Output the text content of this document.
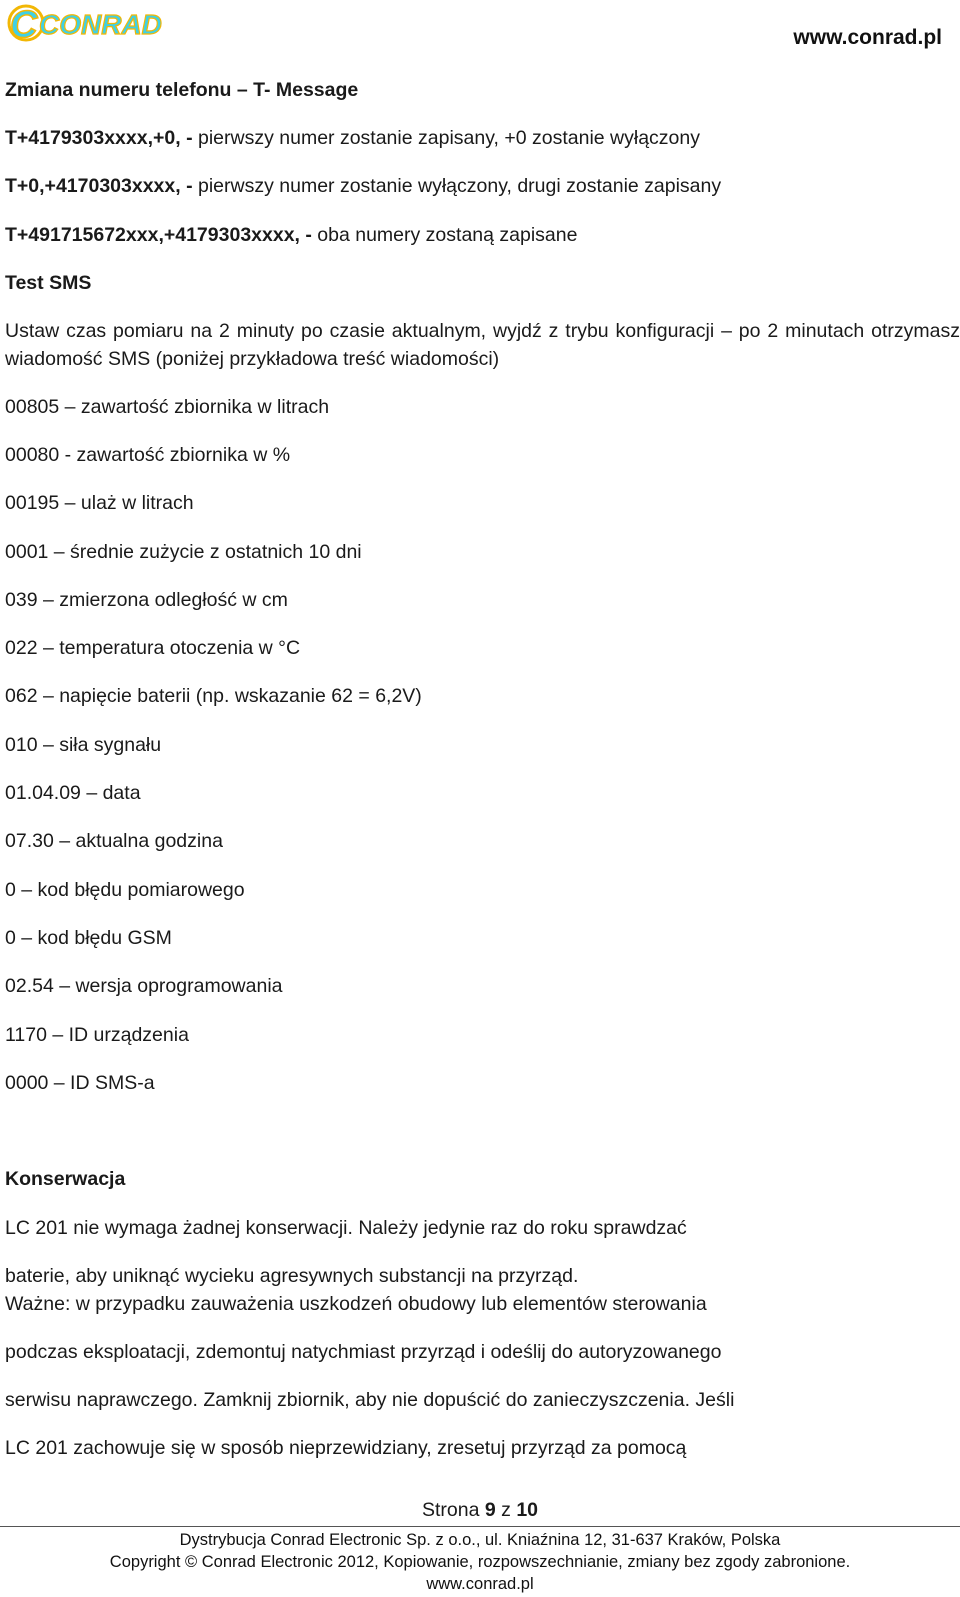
C CONRAD	www.conrad.pl
Zmiana numeru telefonu – T- Message
T+4179303xxxx,+0, - pierwszy numer zostanie zapisany, +0 zostanie wyłączony
T+0,+4170303xxxx, - pierwszy numer zostanie wyłączony, drugi zostanie zapisany
T+491715672xxx,+4179303xxxx, - oba numery zostaną zapisane
Test SMS

Ustaw czas pomiaru na 2 minuty po czasie aktualnym, wyjdź z trybu konfiguracji – po 2 minutach otrzymasz wiadomość SMS (poniżej przykładowa treść wiadomości)

00805 – zawartość zbiornika w litrach
00080 - zawartość zbiornika w %
00195 – ulaż w litrach
0001 – średnie zużycie z ostatnich 10 dni
039 – zmierzona odległość w cm
022 – temperatura otoczenia w °C
062 – napięcie baterii (np. wskazanie 62 = 6,2V)
010 – siła sygnału
01.04.09 – data
07.30 – aktualna godzina
0 – kod błędu pomiarowego
0 – kod błędu GSM
02.54 – wersja oprogramowania
1170 – ID urządzenia
0000 – ID SMS-a
Konserwacja
LC 201 nie wymaga żadnej konserwacji. Należy jedynie raz do roku sprawdzać
baterie, aby uniknąć wycieku agresywnych substancji na przyrząd.
Ważne: w przypadku zauważenia uszkodzeń obudowy lub elementów sterowania
podczas eksploatacji, zdemontuj natychmiast przyrząd i odeślij do autoryzowanego
serwisu naprawczego. Zamknij zbiornik, aby nie dopuścić do zanieczyszczenia. Jeśli
LC 201 zachowuje się w sposób nieprzewidziany, zresetuj przyrząd za pomocą
Strona 9 z 10
Dystrybucja Conrad Electronic Sp. z o.o., ul. Kniaźnina 12, 31-637 Kraków, Polska
Copyright © Conrad Electronic 2012, Kopiowanie, rozpowszechnianie, zmiany bez zgody zabronione.
www.conrad.pl
